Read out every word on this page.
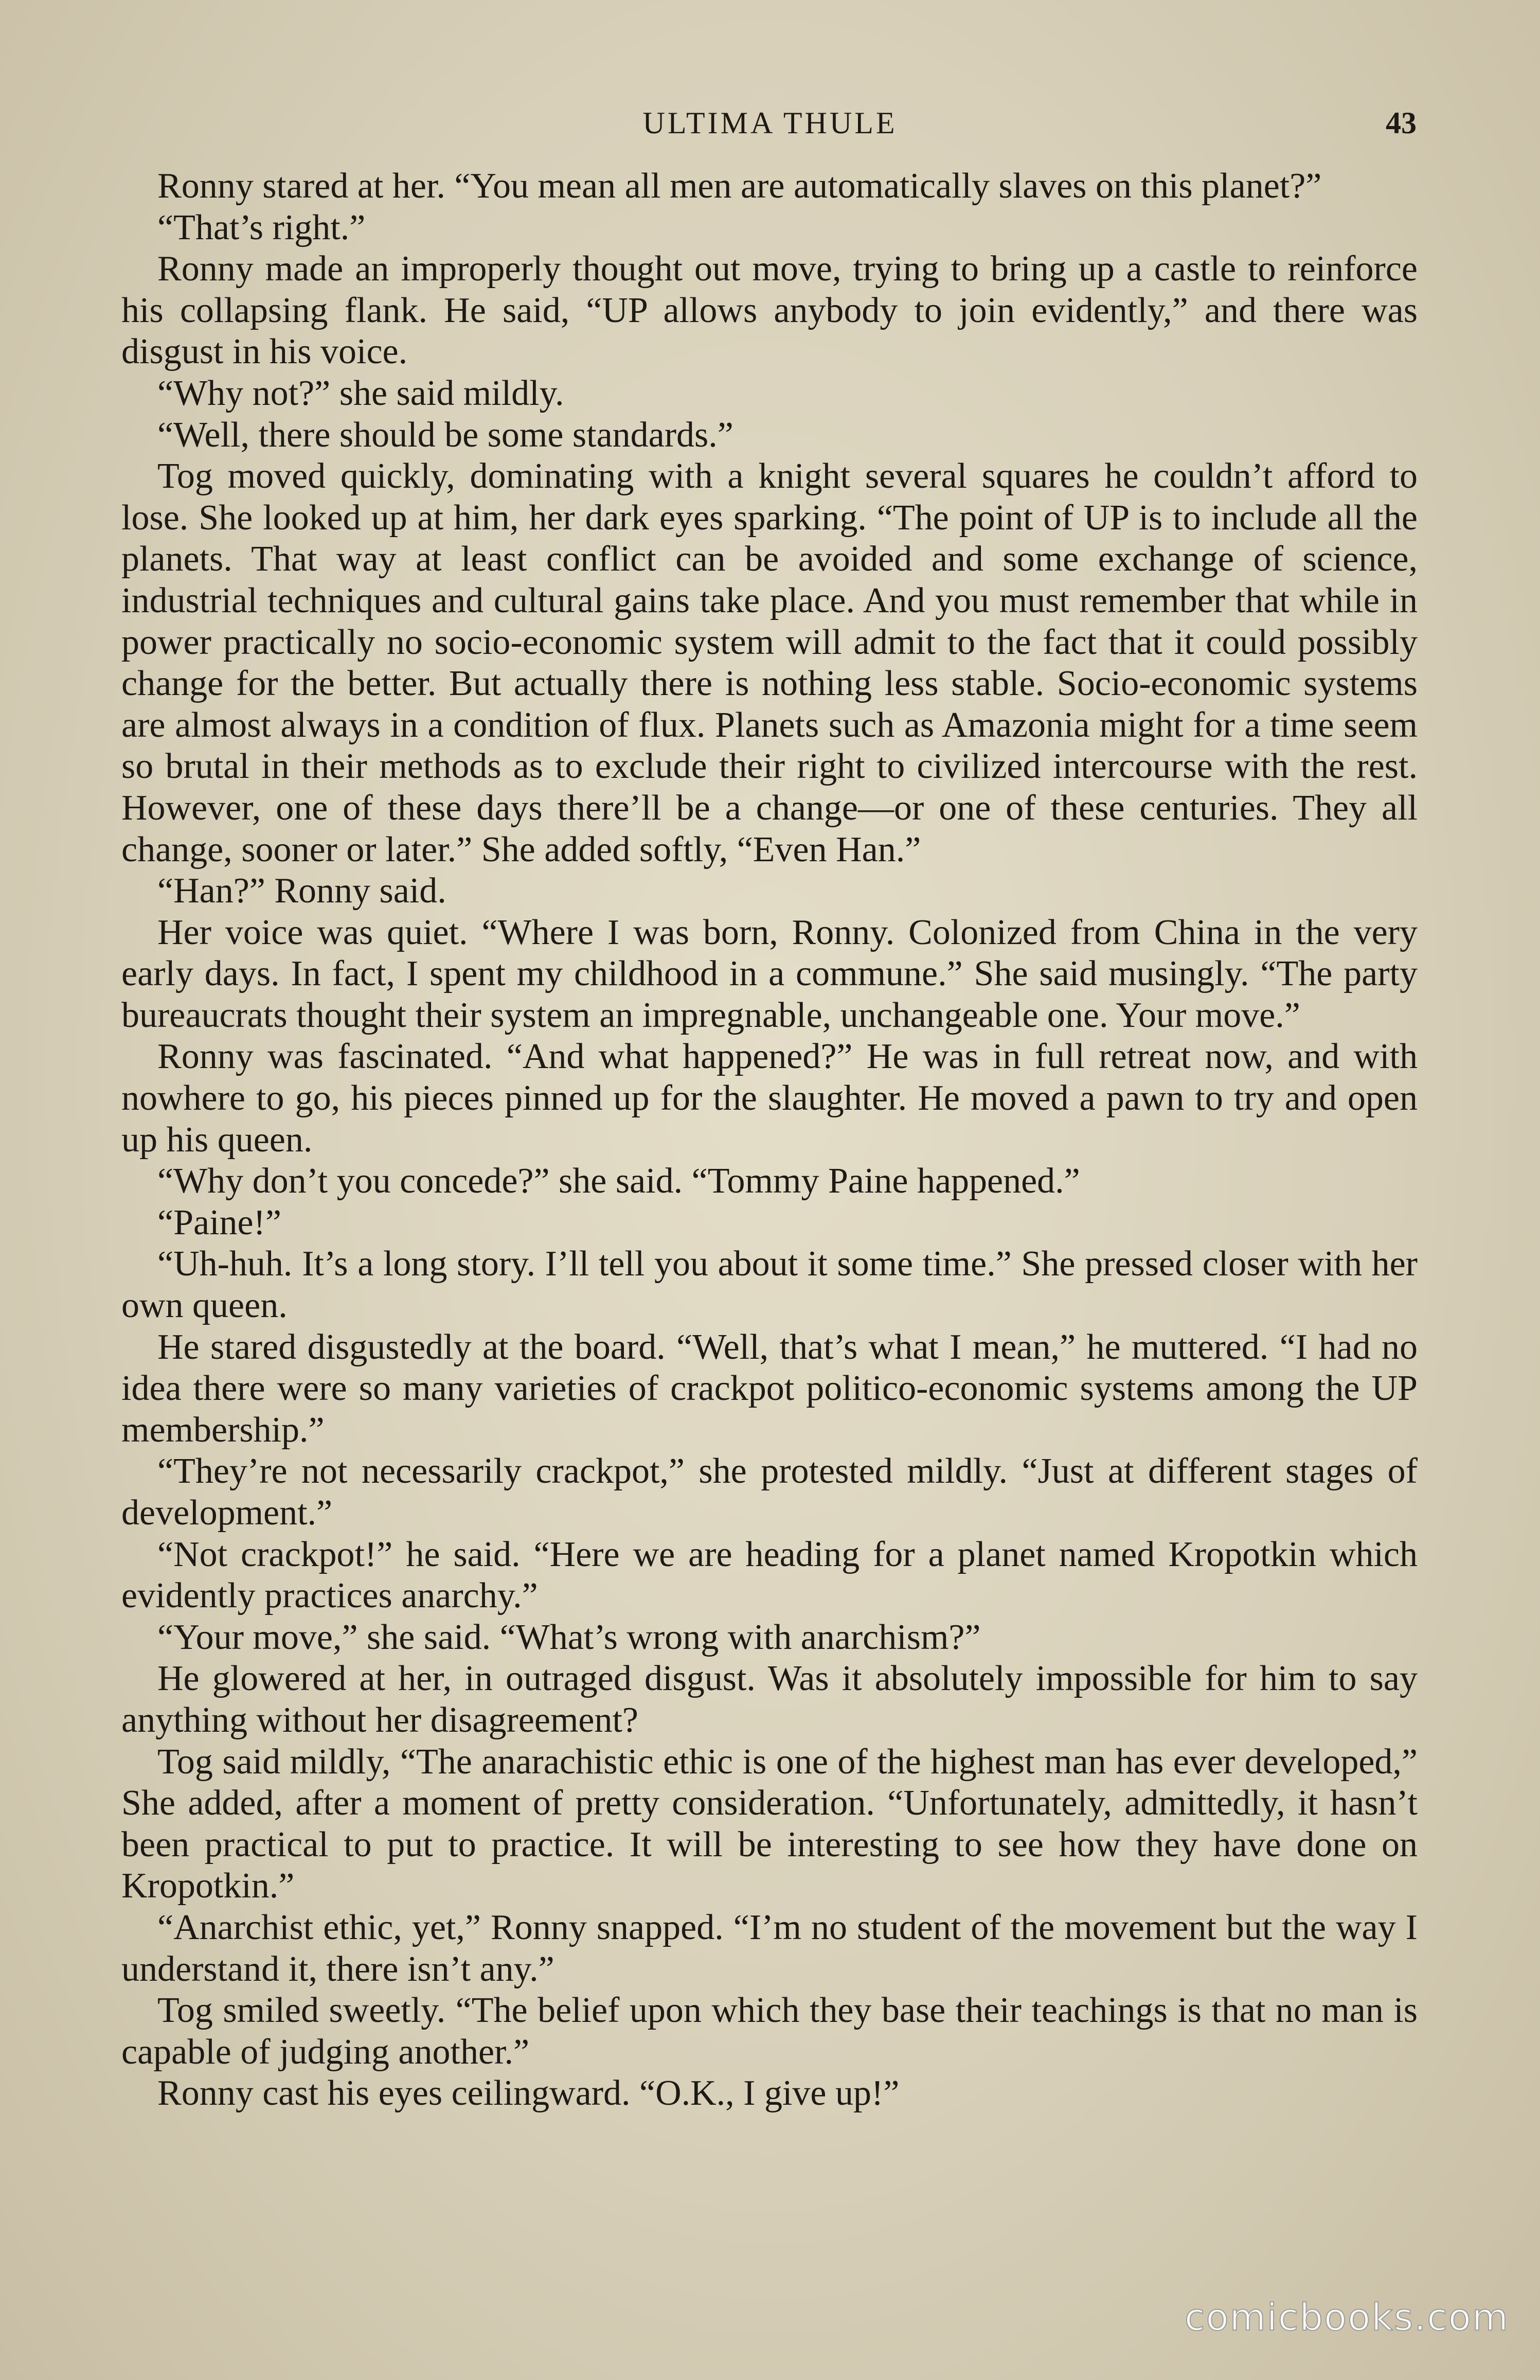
ULTIMA THULE	43

Ronny stared at her. “You mean all men are automatically slaves on this planet?”

“That’s right.”

Ronny made an improperly thought out move, trying to bring up a castle to reinforce his collapsing flank. He said, “UP allows anybody to join evidently,” and there was disgust in his voice.

“Why not?” she said mildly.

“Well, there should be some standards.”

Tog moved quickly, dominating with a knight several squares he couldn’t afford to lose. She looked up at him, her dark eyes sparking. “The point of UP is to include all the planets. That way at least conflict can be avoided and some exchange of science, industrial techniques and cultural gains take place. And you must remember that while in power practically no socio-economic system will admit to the fact that it could possibly change for the better. But actually there is nothing less stable. Socio-economic systems are almost always in a condition of flux. Planets such as Amazonia might for a time seem so brutal in their methods as to exclude their right to civilized intercourse with the rest. However, one of these days there’ll be a change—or one of these centuries. They all change, sooner or later.” She added softly, “Even Han.”

“Han?” Ronny said.

Her voice was quiet. “Where I was born, Ronny. Colonized from China in the very early days. In fact, I spent my childhood in a commune.” She said musingly. “The party bureaucrats thought their system an impregnable, unchangeable one. Your move.”

Ronny was fascinated. “And what happened?” He was in full retreat now, and with nowhere to go, his pieces pinned up for the slaughter. He moved a pawn to try and open up his queen.

“Why don’t you concede?” she said. “Tommy Paine happened.”

“Paine!”

“Uh-huh. It’s a long story. I’ll tell you about it some time.” She pressed closer with her own queen.

He stared disgustedly at the board. “Well, that’s what I mean,” he muttered. “I had no idea there were so many varieties of crackpot politico-economic systems among the UP membership.”

“They’re not necessarily crackpot,” she protested mildly. “Just at different stages of development.”

“Not crackpot!” he said. “Here we are heading for a planet named Kropotkin which evidently practices anarchy.”

“Your move,” she said. “What’s wrong with anarchism?”

He glowered at her, in outraged disgust. Was it absolutely impossible for him to say anything without her disagreement?

Tog said mildly, “The anarachistic ethic is one of the highest man has ever developed,” She added, after a moment of pretty consideration. “Unfortunately, admittedly, it hasn’t been practical to put to practice. It will be interesting to see how they have done on Kropotkin.”

“Anarchist ethic, yet,” Ronny snapped. “I’m no student of the movement but the way I understand it, there isn’t any.”

Tog smiled sweetly. “The belief upon which they base their teachings is that no man is capable of judging another.”

Ronny cast his eyes ceilingward. “O.K., I give up!”

comicbooks.com
